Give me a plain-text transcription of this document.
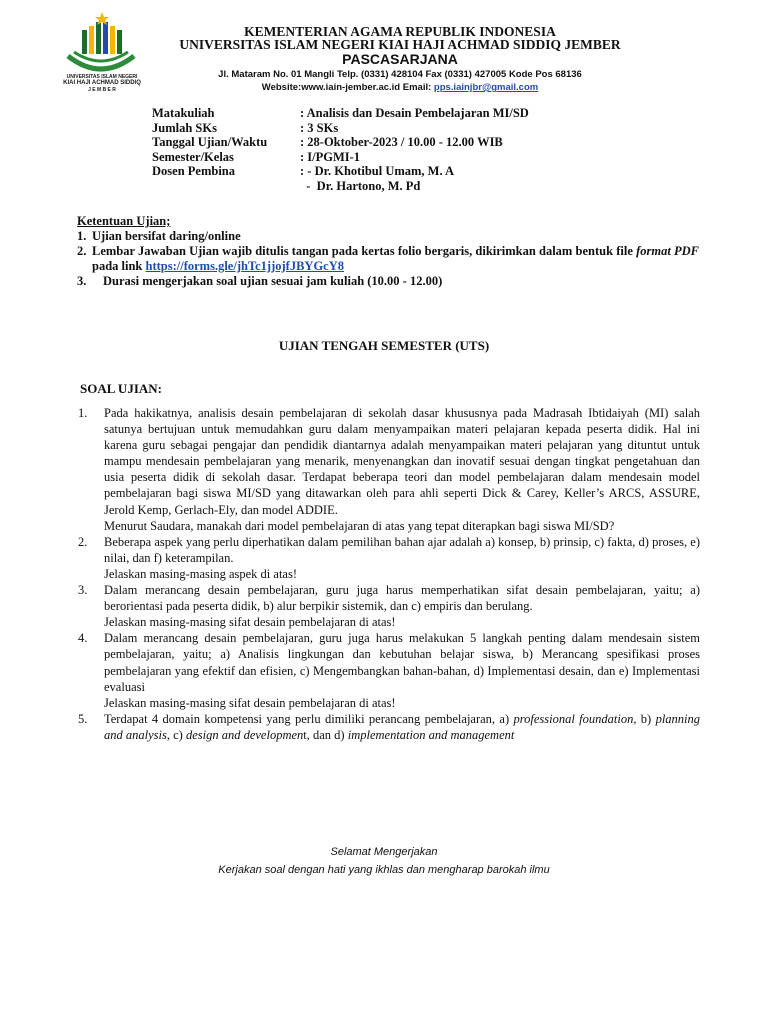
UNIVERSITAS ISLAM NEGERI
KIAI HAJI ACHMAD SIDDIQ
J E M B E R

KEMENTERIAN AGAMA REPUBLIK INDONESIA

UNIVERSITAS ISLAM NEGERI KIAI HAJI ACHMAD SIDDIQ JEMBER

PASCASARJANA

Jl. Mataram No. 01 Mangli Telp. (0331) 428104 Fax (0331) 427005 Kode Pos 68136

Website:www.iain-jember.ac.id Email: pps.iainjbr@gmail.com

Matakuliah	: Analisis dan Desain Pembelajaran MI/SD
Jumlah SKs	: 3 SKs
Tanggal Ujian/Waktu	: 28-Oktober-2023 / 10.00 - 12.00 WIB
Semester/Kelas	: I/PGMI-1
Dosen Pembina	: - Dr. Khotibul Umam, M. A
-  Dr. Hartono, M. Pd
Ketentuan Ujian;
1. Ujian bersifat daring/online
2. Lembar Jawaban Ujian wajib ditulis tangan pada kertas folio bergaris, dikirimkan dalam bentuk file format PDF pada link https://forms.gle/jhTc1jjojfJBYGcY8
3.	Durasi mengerjakan soal ujian sesuai jam kuliah (10.00 - 12.00)
UJIAN TENGAH SEMESTER (UTS)
SOAL UJIAN:
1.	Pada hakikatnya, analisis desain pembelajaran di sekolah dasar khususnya pada Madrasah Ibtidaiyah (MI) salah satunya bertujuan untuk memudahkan guru dalam menyampaikan materi pelajaran kepada peserta didik. Hal ini karena guru sebagai pengajar dan pendidik diantarnya adalah menyampaikan materi pelajaran yang dituntut untuk mampu mendesain pembelajaran yang menarik, menyenangkan dan inovatif sesuai dengan tingkat pengetahuan dan usia peserta didik di sekolah dasar. Terdapat beberapa teori dan model pembelajaran dalam mendesain model pembelajaran bagi siswa MI/SD yang ditawarkan oleh para ahli seperti Dick & Carey, Keller’s ARCS, ASSURE, Jerold Kemp, Gerlach-Ely, dan model ADDIE.

Menurut Saudara, manakah dari model pembelajaran di atas yang tepat diterapkan bagi siswa MI/SD?

2.	Beberapa aspek yang perlu diperhatikan dalam pemilihan bahan ajar adalah a) konsep, b) prinsip, c) fakta, d) proses, e) nilai, dan f) keterampilan.

Jelaskan masing-masing aspek di atas!

3.	Dalam merancang desain pembelajaran, guru juga harus memperhatikan sifat desain pembelajaran, yaitu; a) berorientasi pada peserta didik, b) alur berpikir sistemik, dan c) empiris dan berulang.

Jelaskan masing-masing sifat desain pembelajaran di atas!

4.	Dalam merancang desain pembelajaran, guru juga harus melakukan 5 langkah penting dalam mendesain sistem pembelajaran, yaitu; a) Analisis lingkungan dan kebutuhan belajar siswa, b) Merancang spesifikasi proses pembelajaran yang efektif dan efisien, c) Mengembangkan bahan-bahan, d) Implementasi desain, dan e) Implementasi evaluasi

Jelaskan masing-masing sifat desain pembelajaran di atas!

5.	Terdapat 4 domain kompetensi yang perlu dimiliki perancang pembelajaran, a) professional foundation, b) planning and analysis, c) design and development, dan d) implementation and management

Selamat Mengerjakan
Kerjakan soal dengan hati yang ikhlas dan mengharap barokah ilmu
